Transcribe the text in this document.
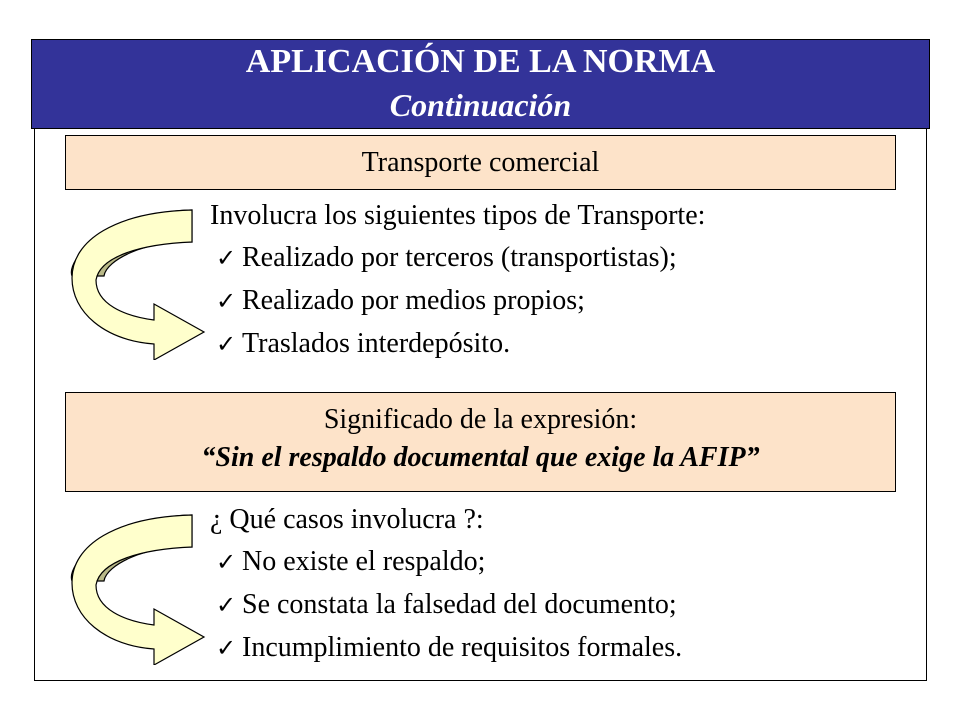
APLICACIÓN DE LA NORMA
Continuación
Transporte comercial
Involucra los siguientes tipos de Transporte:
✓ Realizado por terceros (transportistas);
✓ Realizado por medios propios;
✓ Traslados interdepósito.
Significado de la expresión:
“Sin el respaldo documental que exige la AFIP”
¿ Qué casos involucra ?:
✓ No existe el respaldo;
✓ Se constata la falsedad del documento;
✓ Incumplimiento de requisitos formales.
